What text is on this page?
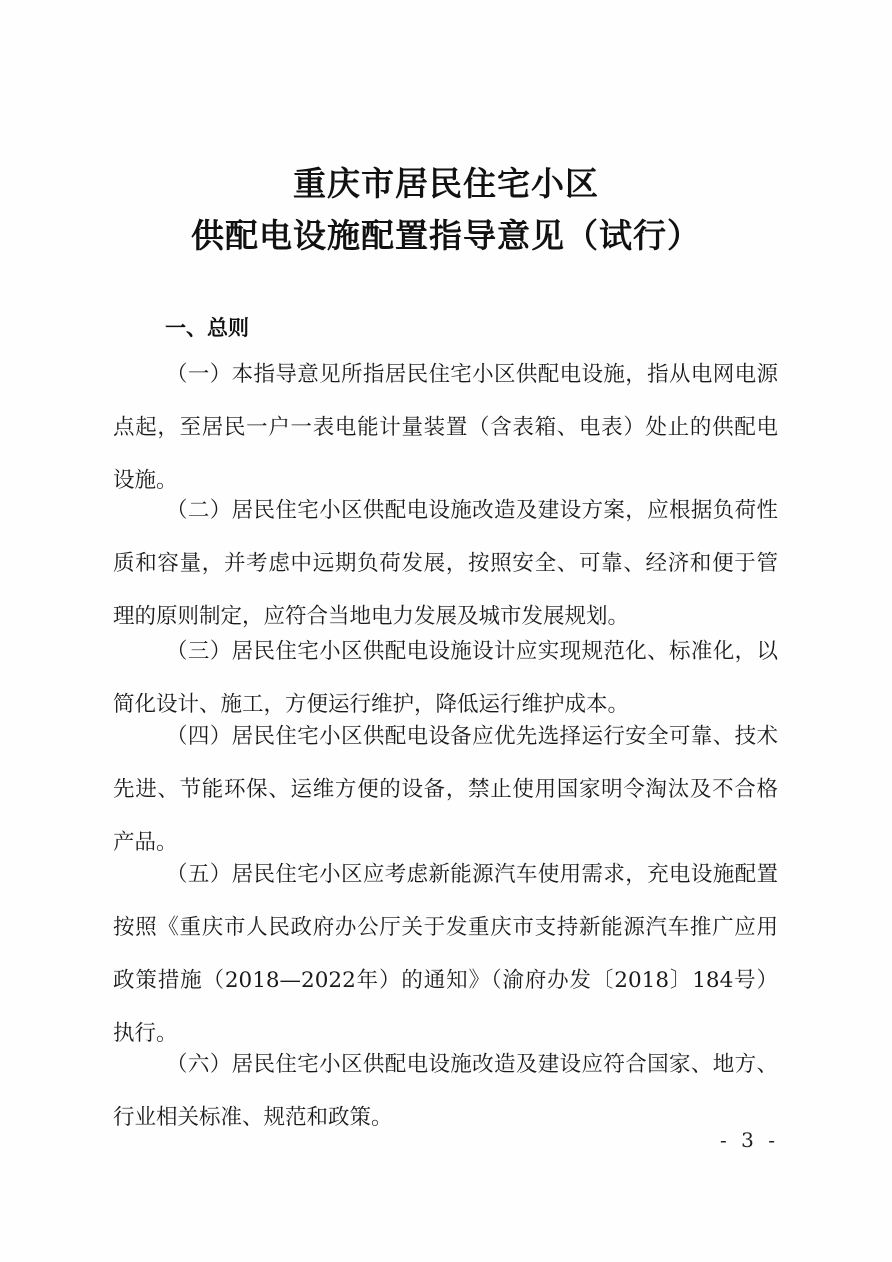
重庆市居民住宅小区
供配电设施配置指导意见（试行）
一、总则
（一）本指导意见所指居民住宅小区供配电设施，指从电网电源点起，至居民一户一表电能计量装置（含表箱、电表）处止的供配电设施。
（二）居民住宅小区供配电设施改造及建设方案，应根据负荷性质和容量，并考虑中远期负荷发展，按照安全、可靠、经济和便于管理的原则制定，应符合当地电力发展及城市发展规划。
（三）居民住宅小区供配电设施设计应实现规范化、标准化，以简化设计、施工，方便运行维护，降低运行维护成本。
（四）居民住宅小区供配电设备应优先选择运行安全可靠、技术先进、节能环保、运维方便的设备，禁止使用国家明令淘汰及不合格产品。
（五）居民住宅小区应考虑新能源汽车使用需求，充电设施配置按照《重庆市人民政府办公厅关于发重庆市支持新能源汽车推广应用政策措施（2018—2022年）的通知》（渝府办发〔2018〕184号）执行。
（六）居民住宅小区供配电设施改造及建设应符合国家、地方、行业相关标准、规范和政策。
- 3 -
